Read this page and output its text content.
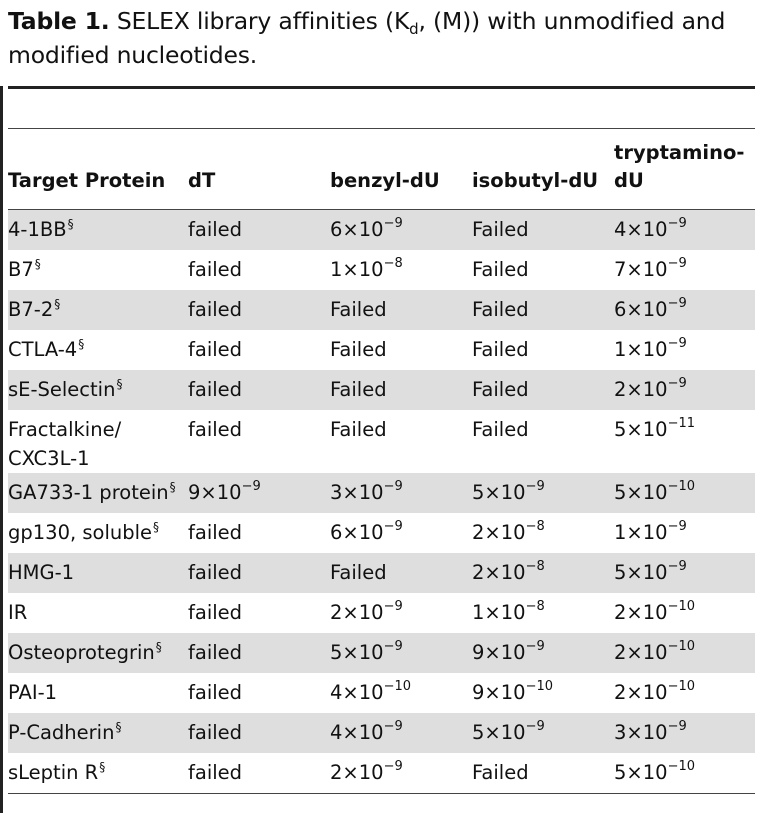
Table 1. SELEX library affinities ($K_d$, (M)) with unmodified and
modified nucleotides.
Target Protein	dT	benzyl-dU	isobutyl-dU	tryptamino-dU
4-1BB§	failed	$6\times 10^{-9}$	Failed	$4\times 10^{-9}$
B7§	failed	$1\times 10^{-8}$	Failed	$7\times 10^{-9}$
B7-2§	failed	Failed	Failed	$6\times 10^{-9}$
CTLA-4§	failed	Failed	Failed	$1\times 10^{-9}$
sE-Selectin§	failed	Failed	Failed	$2\times 10^{-9}$
Fractalkine/ CXC3L-1	failed	Failed	Failed	$5\times 10^{-11}$
GA733-1 protein§	$9\times 10^{-9}$	$3\times 10^{-9}$	$5\times 10^{-9}$	$5\times 10^{-10}$
gp130, soluble§	failed	$6\times 10^{-9}$	$2\times 10^{-8}$	$1\times 10^{-9}$
HMG-1	failed	Failed	$2\times 10^{-8}$	$5\times 10^{-9}$
IR	failed	$2\times 10^{-9}$	$1\times 10^{-8}$	$2\times 10^{-10}$
Osteoprotegrin§	failed	$5\times 10^{-9}$	$9\times 10^{-9}$	$2\times 10^{-10}$
PAI-1	failed	$4\times 10^{-10}$	$9\times 10^{-10}$	$2\times 10^{-10}$
P-Cadherin§	failed	$4\times 10^{-9}$	$5\times 10^{-9}$	$3\times 10^{-9}$
sLeptin R§	failed	$2\times 10^{-9}$	Failed	$5\times 10^{-10}$
